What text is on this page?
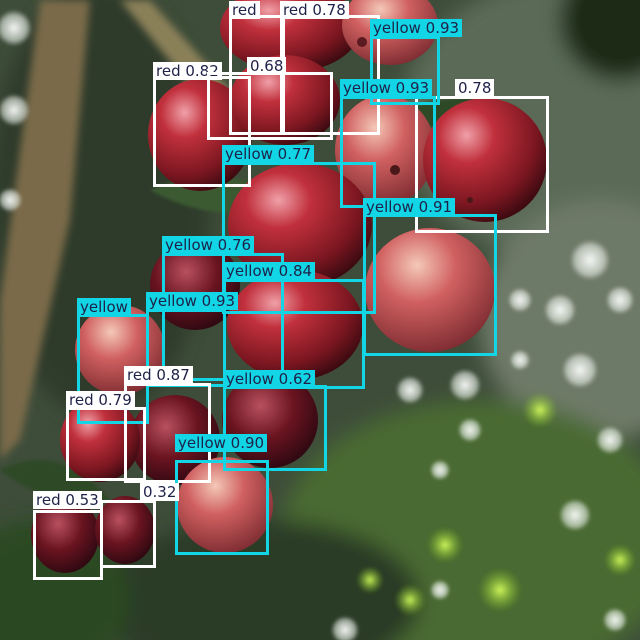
red red 0.78
red 0.82 0.68
0.78
yellow 0.93
yellow 0.93
yellow 0.77
yellow 0.91
yellow 0.76
yellow 0.84
yellow yellow 0.93
yellow 0.62
red 0.87
red 0.79
yellow 0.90
0.32
red 0.53
